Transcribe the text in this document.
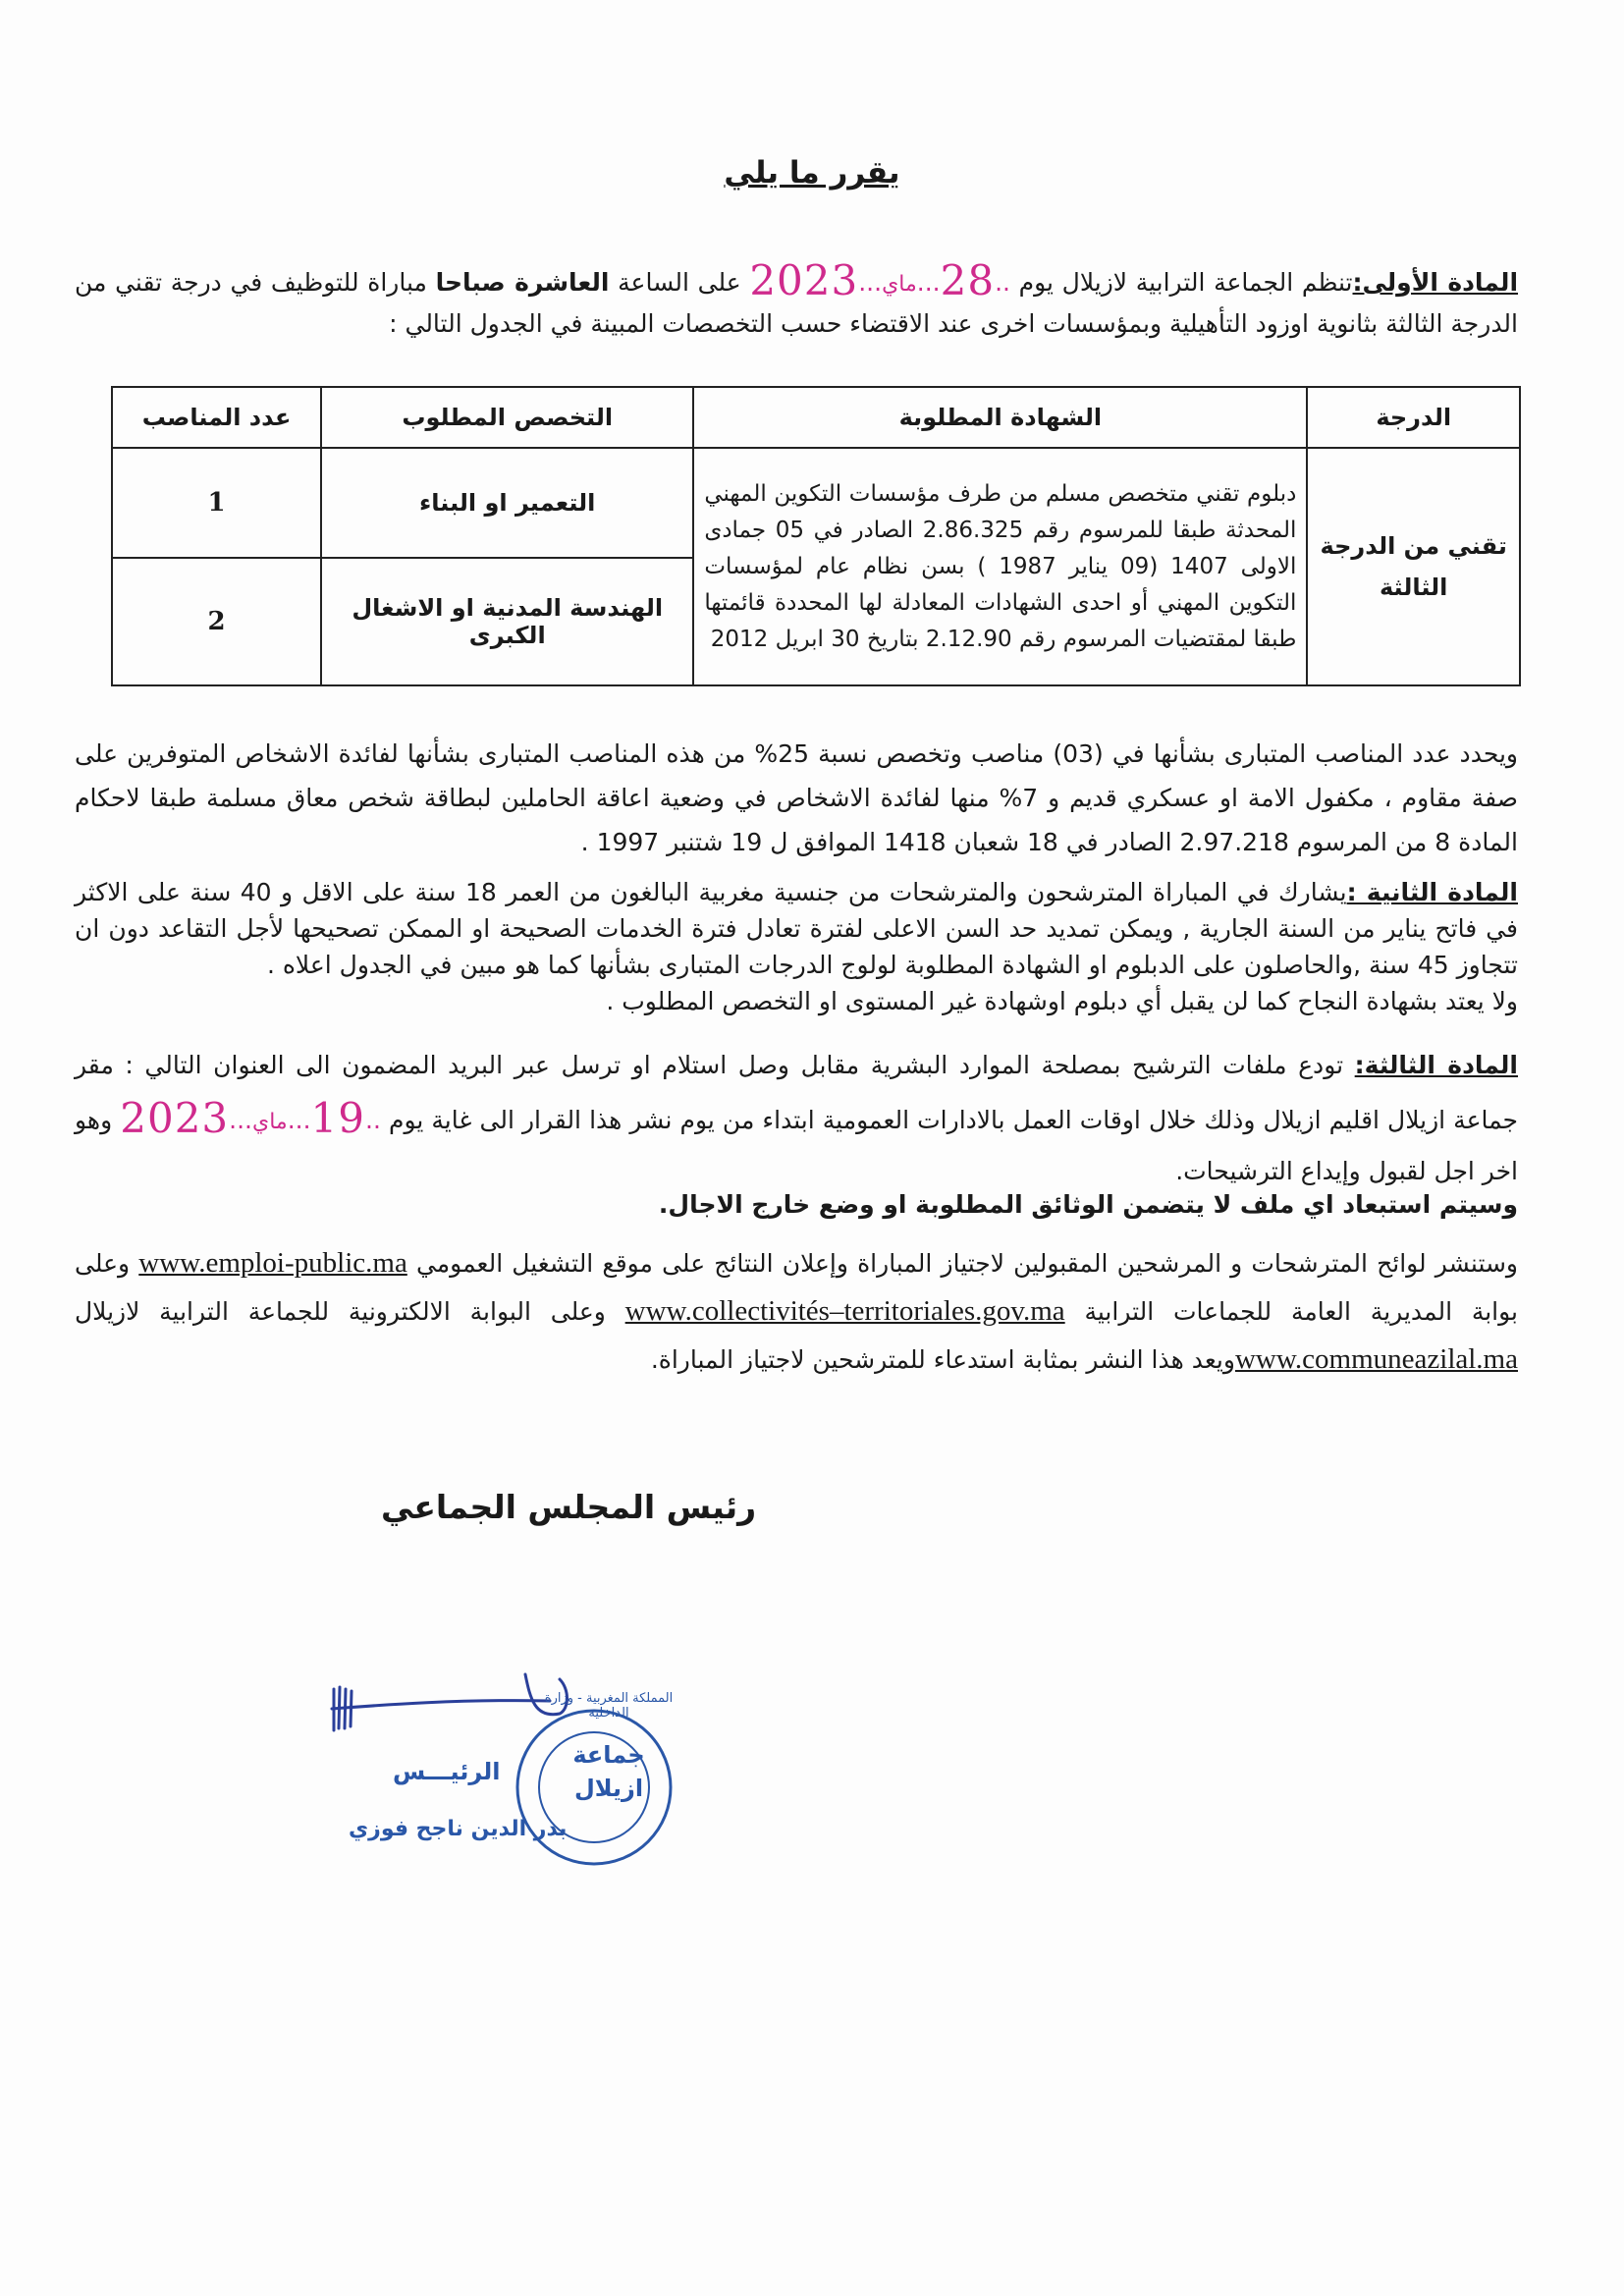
يقرر ما يلي
المادة الأولى:تنظم الجماعة الترابية لازيلال يوم ..28...ماي...2023 على الساعة العاشرة صباحا مباراة للتوظيف في درجة تقني من الدرجة الثالثة بثانوية اوزود التأهيلية وبمؤسسات اخرى عند الاقتضاء حسب التخصصات المبينة في الجدول التالي :
الدرجة	الشهادة المطلوبة	التخصص المطلوب	عدد المناصب
تقني من الدرجة الثالثة	دبلوم تقني متخصص مسلم من طرف مؤسسات التكوين المهني المحدثة طبقا للمرسوم رقم 2.86.325 الصادر في 05 جمادى الاولى 1407 (09 يناير 1987 ) بسن نظام عام لمؤسسات التكوين المهني أو احدى الشهادات المعادلة لها المحددة قائمتها طبقا لمقتضيات المرسوم رقم 2.12.90 بتاريخ 30 ابريل 2012	التعمير او البناء	1
		الهندسة المدنية او الاشغال الكبرى	2
ويحدد عدد المناصب المتبارى بشأنها في (03) مناصب وتخصص نسبة 25% من هذه المناصب المتبارى بشأنها لفائدة الاشخاص المتوفرين على صفة مقاوم ، مكفول الامة او عسكري قديم و 7% منها لفائدة الاشخاص في وضعية اعاقة الحاملين لبطاقة شخص معاق مسلمة طبقا لاحكام المادة 8 من المرسوم 2.97.218 الصادر في 18 شعبان 1418 الموافق ل 19 شتنبر 1997 .
المادة الثانية :يشارك في المباراة المترشحون والمترشحات من جنسية مغربية البالغون من العمر 18 سنة على الاقل و 40 سنة على الاكثر في فاتح يناير من السنة الجارية , ويمكن تمديد حد السن الاعلى لفترة تعادل فترة الخدمات الصحيحة او الممكن تصحيحها لأجل التقاعد دون ان تتجاوز 45 سنة ,والحاصلون على الدبلوم او الشهادة المطلوبة لولوج الدرجات المتبارى بشأنها كما هو مبين في الجدول اعلاه .
ولا يعتد بشهادة النجاح كما لن يقبل أي دبلوم اوشهادة غير المستوى او التخصص المطلوب .
المادة الثالثة: تودع ملفات الترشيح بمصلحة الموارد البشرية مقابل وصل استلام او ترسل عبر البريد المضمون الى العنوان التالي : مقر جماعة ازيلال اقليم ازيلال وذلك خلال اوقات العمل بالادارات العمومية ابتداء من يوم نشر هذا القرار الى غاية يوم ..19...ماي...2023 وهو اخر اجل لقبول وإيداع الترشيحات.
وسيتم استبعاد اي ملف لا يتضمن الوثائق المطلوبة او وضع خارج الاجال.
وستنشر لوائح المترشحات و المرشحين المقبولين لاجتياز المباراة وإعلان النتائج على موقع التشغيل العمومي www.emploi-public.ma وعلى بوابة المديرية العامة للجماعات الترابية www.collectivités–territoriales.gov.ma وعلى البوابة الالكترونية للجماعة الترابية لازيلال www.communeazilal.maويعد هذا النشر بمثابة استدعاء للمترشحين لاجتياز المباراة.
رئيس المجلس الجماعي
جماعة
ازيلال
المملكة المغربية - وزارة الداخلية
الرئيـــس
بدر الدين ناجح فوزي
